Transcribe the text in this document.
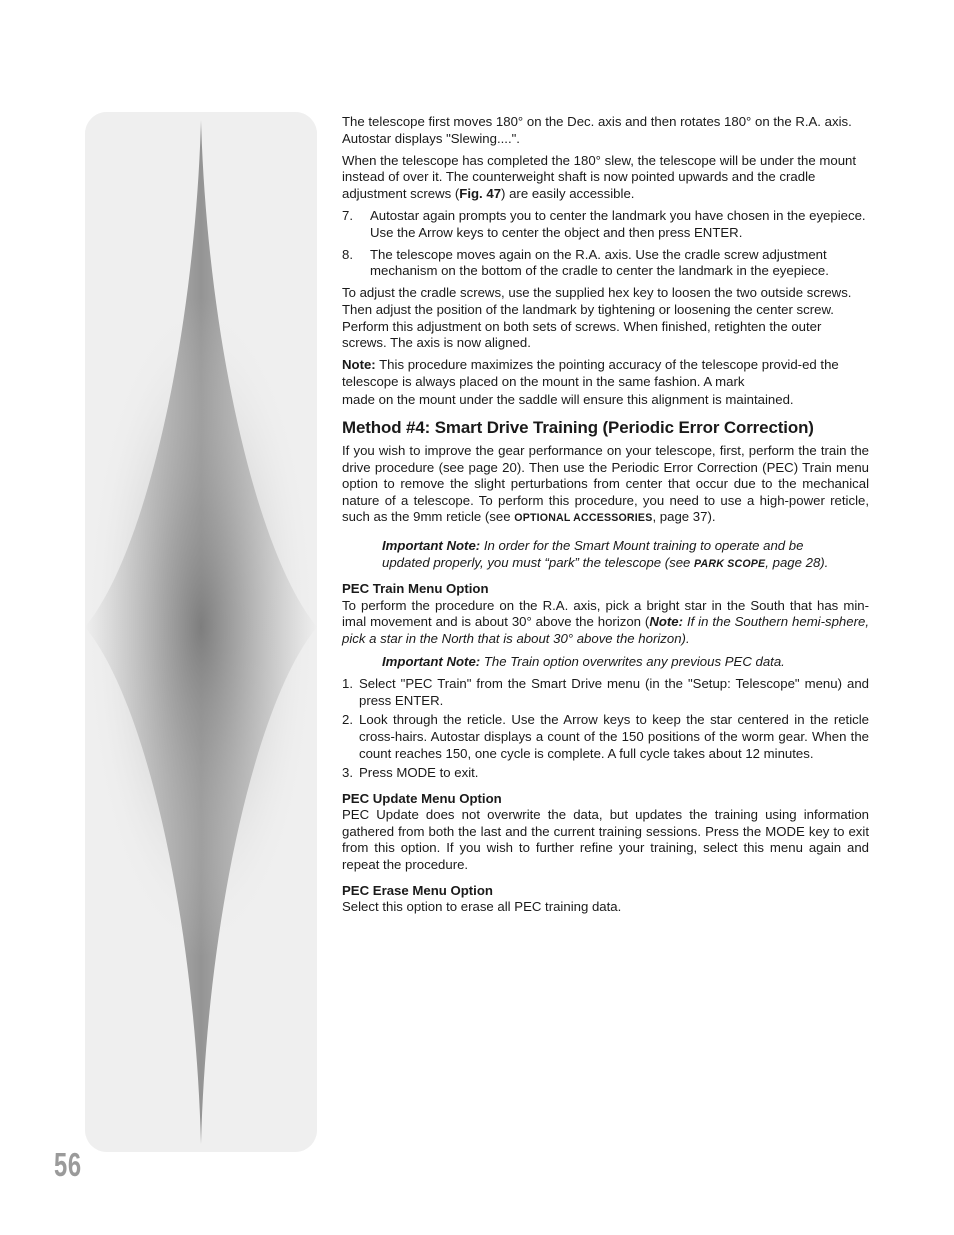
56

The telescope first moves 180° on the Dec. axis and then rotates 180° on the R.A. axis. Autostar displays "Slewing....".

When the telescope has completed the 180° slew, the telescope will be under the mount instead of over it. The counterweight shaft is now pointed upwards and the cradle adjustment screws (Fig. 47) are easily accessible.

7. Autostar again prompts you to center the landmark you have chosen in the eyepiece. Use the Arrow keys to center the object and then press ENTER.
8. The telescope moves again on the R.A. axis. Use the cradle screw adjustment mechanism on the bottom of the cradle to center the landmark in the eyepiece.

To adjust the cradle screws, use the supplied hex key to loosen the two outside screws. Then adjust the position of the landmark by tightening or loosening the center screw. Perform this adjustment on both sets of screws. When finished, retighten the outer screws. The axis is now aligned.

Note: This procedure maximizes the pointing accuracy of the telescope provid-ed the telescope is always placed on the mount in the same fashion. A mark

made on the mount under the saddle will ensure this alignment is maintained.

Method #4: Smart Drive Training (Periodic Error Correction)

If you wish to improve the gear performance on your telescope, first, perform the train the drive procedure (see page 20). Then use the Periodic Error Correction (PEC) Train menu option to remove the slight perturbations from center that occur due to the mechanical nature of a telescope. To perform this procedure, you need to use a high-power reticle, such as the 9mm reticle (see OPTIONAL ACCESSORIES, page 37).

Important Note: In order for the Smart Mount training to operate and be updated properly, you must “park” the telescope (see PARK SCOPE, page 28).

PEC Train Menu Option

To perform the procedure on the R.A. axis, pick a bright star in the South that has min-imal movement and is about 30° above the horizon (Note: If in the Southern hemi-sphere, pick a star in the North that is about 30° above the horizon).

Important Note: The Train option overwrites any previous PEC data.

1. Select "PEC Train" from the Smart Drive menu (in the "Setup: Telescope" menu) and press ENTER.
2. Look through the reticle. Use the Arrow keys to keep the star centered in the reticle cross-hairs. Autostar displays a count of the 150 positions of the worm gear. When the count reaches 150, one cycle is complete. A full cycle takes about 12 minutes.
3. Press MODE to exit.
PEC Update Menu Option

PEC Update does not overwrite the data, but updates the training using information gathered from both the last and the current training sessions. Press the MODE key to exit from this option. If you wish to further refine your training, select this menu again and repeat the procedure.

PEC Erase Menu Option

Select this option to erase all PEC training data.
